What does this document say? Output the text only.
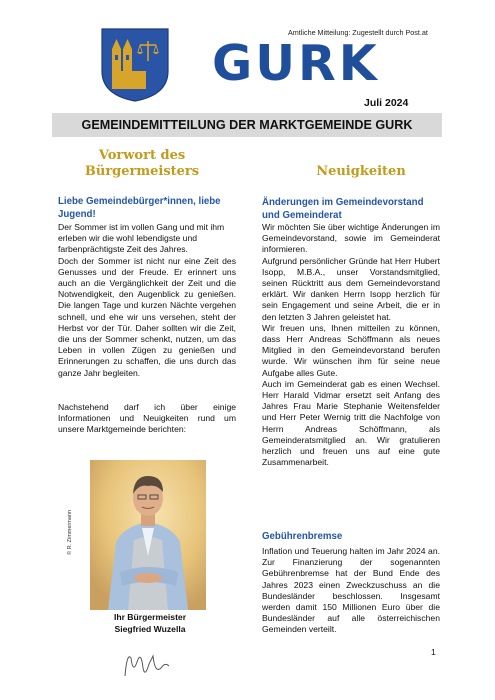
Amtliche Mitteilung: Zugestellt durch Post.at
GURK
Juli 2024
GEMEINDEMITTEILUNG DER MARKTGEMEINDE GURK
Vorwort des
Bürgermeisters
Liebe Gemeindebürger*innen, liebe Jugend!

Der Sommer ist im vollen Gang und mit ihm erleben wir die wohl lebendigste und farbenprächtigste Zeit des Jahres.

Doch der Sommer ist nicht nur eine Zeit des Genusses und der Freude. Er erinnert uns auch an die Vergänglichkeit der Zeit und die Notwendigkeit, den Augenblick zu genießen. Die langen Tage und kurzen Nächte vergehen schnell, und ehe wir uns versehen, steht der Herbst vor der Tür. Daher sollten wir die Zeit, die uns der Sommer schenkt, nutzen, um das Leben in vollen Zügen zu genießen und Erinnerungen zu schaffen, die uns durch das ganze Jahr begleiten.

Nachstehend darf ich über einige Informationen und Neuigkeiten rund um unsere Marktgemeinde berichten:

© R. Zimmermann
Ihr Bürgermeister
Siegfried Wuzella
Neuigkeiten
Änderungen im Gemeindevorstand und Gemeinderat

Wir möchten Sie über wichtige Änderungen im Gemeindevorstand, sowie im Gemeinderat informieren.

Aufgrund persönlicher Gründe hat Herr Hubert Isopp, M.B.A., unser Vorstandsmitglied, seinen Rücktritt aus dem Gemeindevorstand erklärt. Wir danken Herrn Isopp herzlich für sein Engagement und seine Arbeit, die er in den letzten 3 Jahren geleistet hat.

Wir freuen uns, Ihnen mitteilen zu können, dass Herr Andreas Schöffmann als neues Mitglied in den Gemeindevorstand berufen wurde. Wir wünschen ihm für seine neue Aufgabe alles Gute.

Auch im Gemeinderat gab es einen Wechsel. Herr Harald Vidmar ersetzt seit Anfang des Jahres Frau Marie Stephanie Weitensfelder und Herr Peter Wernig tritt die Nachfolge von Herrn Andreas Schöffmann, als Gemeinderatsmitglied an. Wir gratulieren herzlich und freuen uns auf eine gute Zusammenarbeit.

Gebührenbremse

Inflation und Teuerung halten im Jahr 2024 an. Zur Finanzierung der sogenannten Gebührenbremse hat der Bund Ende des Jahres 2023 einen Zweckzuschuss an die Bundesländer beschlossen. Insgesamt werden damit 150 Millionen Euro über die Bundesländer auf alle österreichischen Gemeinden verteilt.

1
